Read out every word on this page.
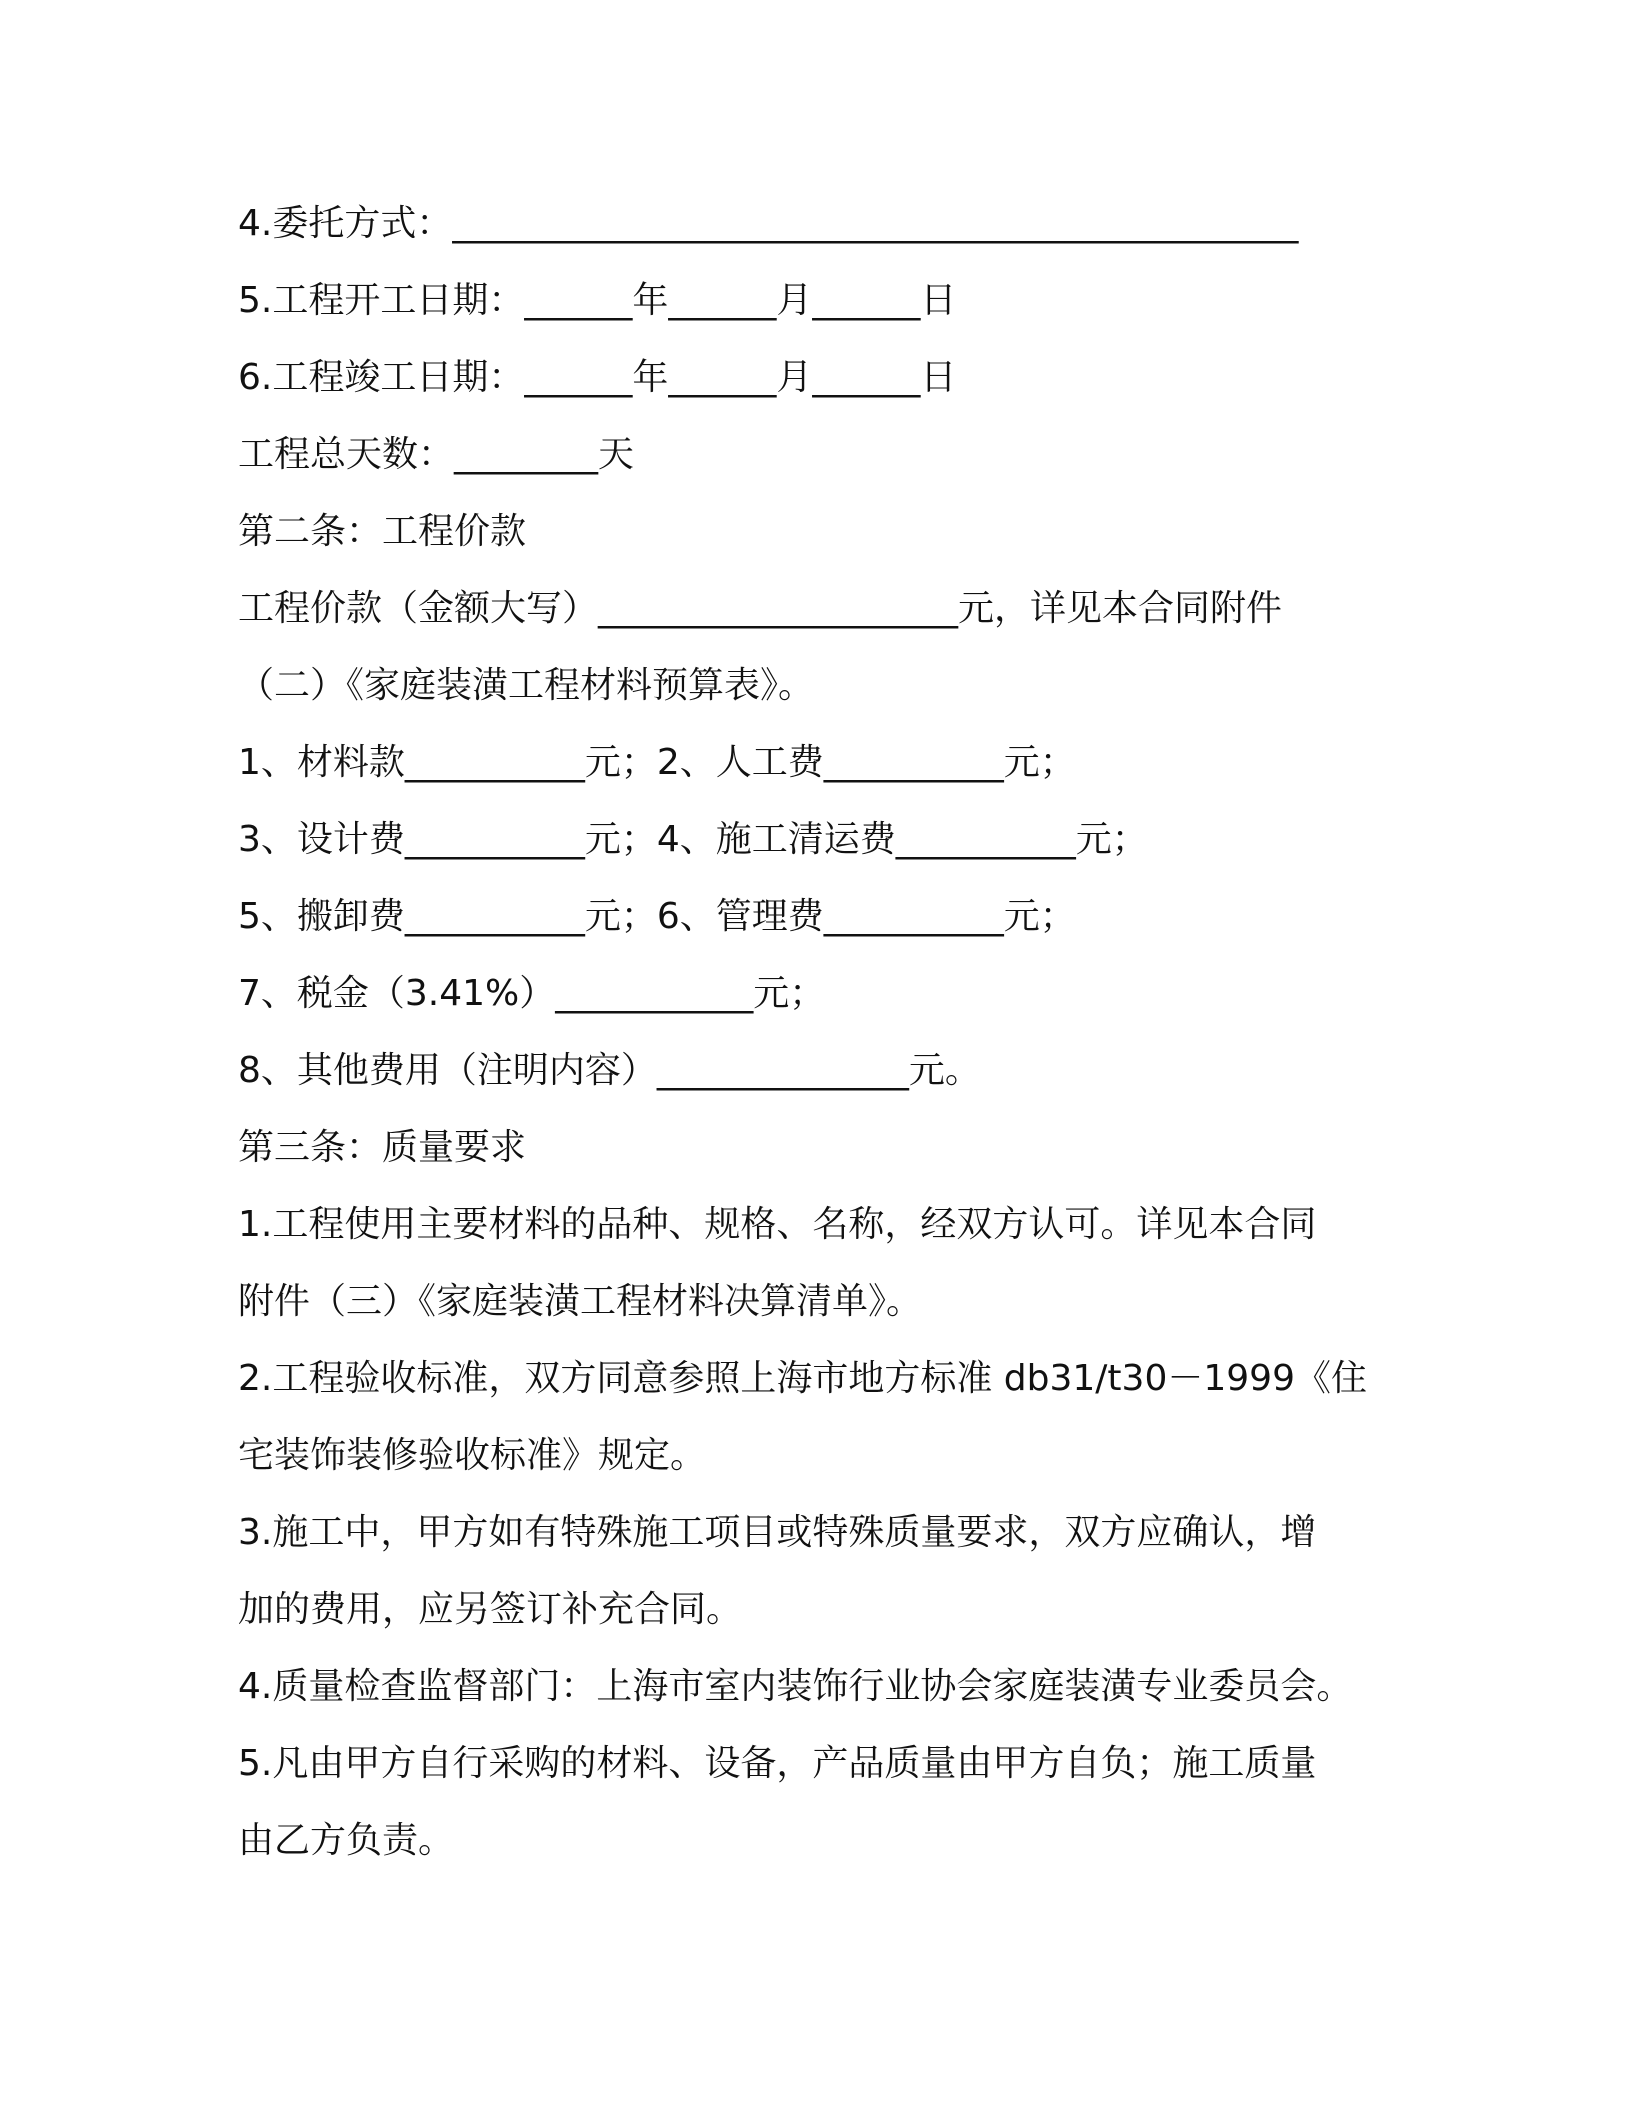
4.委托方式：_______________________________________________
5.工程开工日期：______年______月______日
6.工程竣工日期：______年______月______日
工程总天数：________天
第二条：工程价款
工程价款（金额大写）____________________元，详见本合同附件
（二）《家庭装潢工程材料预算表》。
1、材料款__________元；2、人工费__________元；
3、设计费__________元；4、施工清运费__________元；
5、搬卸费__________元；6、管理费__________元；
7、税金（3.41%）___________元；
8、其他费用（注明内容）______________元。
第三条：质量要求
1.工程使用主要材料的品种、规格、名称，经双方认可。详见本合同
附件（三）《家庭装潢工程材料决算清单》。
2.工程验收标准，双方同意参照上海市地方标准 db31/t30－1999《住
宅装饰装修验收标准》规定。
3.施工中，甲方如有特殊施工项目或特殊质量要求，双方应确认，增
加的费用，应另签订补充合同。
4.质量检查监督部门：上海市室内装饰行业协会家庭装潢专业委员会。
5.凡由甲方自行采购的材料、设备，产品质量由甲方自负；施工质量
由乙方负责。
